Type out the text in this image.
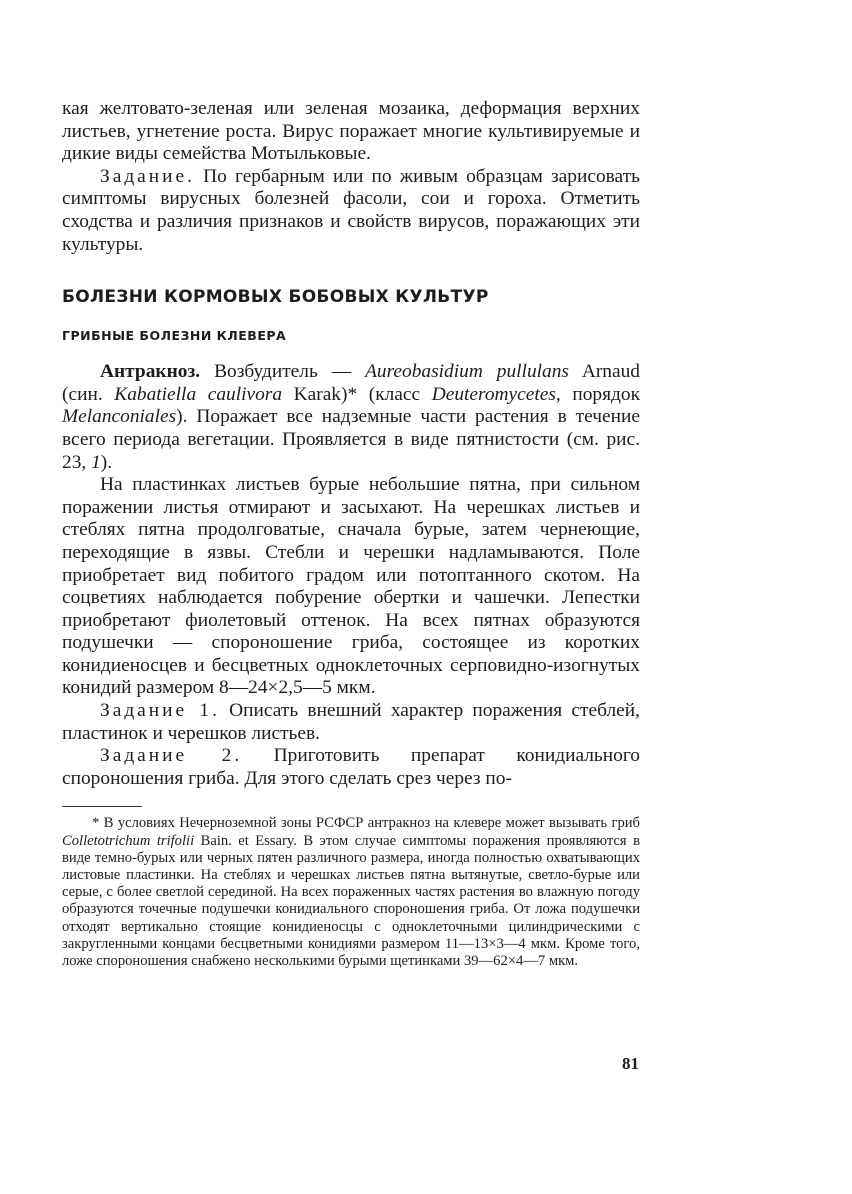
кая желтовато-зеленая или зеленая мозаика, деформация верхних листьев, угнетение роста. Вирус поражает многие культивируемые и дикие виды семейства Мотыльковые.

Задание. По гербарным или по живым образцам зарисовать симптомы вирусных болезней фасоли, сои и гороха. Отметить сходства и различия признаков и свойств вирусов, поражающих эти культуры.

БОЛЕЗНИ КОРМОВЫХ БОБОВЫХ КУЛЬТУР
ГРИБНЫЕ БОЛЕЗНИ КЛЕВЕРА

Антракноз. Возбудитель — Aureobasidium pullulans Arnaud (син. Kabatiella caulivora Karak)* (класс Deuteromycetes, порядок Melanconiales). Поражает все надземные части растения в течение всего периода вегетации. Проявляется в виде пятнистости (см. рис. 23, 1).

На пластинках листьев бурые небольшие пятна, при сильном поражении листья отмирают и засыхают. На черешках листьев и стеблях пятна продолговатые, сначала бурые, затем чернеющие, переходящие в язвы. Стебли и черешки надламываются. Поле приобретает вид побитого градом или потоптанного скотом. На соцветиях наблюдается побурение обертки и чашечки. Лепестки приобретают фиолетовый оттенок. На всех пятнах образуются подушечки — спороношение гриба, состоящее из коротких конидиеносцев и бесцветных одноклеточных серповидно-изогнутых конидий размером 8—24×2,5—5 мкм.

Задание 1. Описать внешний характер поражения стеблей, пластинок и черешков листьев.

Задание 2. Приготовить препарат конидиального спороношения гриба. Для этого сделать срез через по-

* В условиях Нечерноземной зоны РСФСР антракноз на клевере может вызывать гриб Colletotrichum trifolii Bain. et Essary. В этом случае симптомы поражения проявляются в виде темно-бурых или черных пятен различного размера, иногда полностью охватывающих листовые пластинки. На стеблях и черешках листьев пятна вытянутые, светло-бурые или серые, с более светлой серединой. На всех пораженных частях растения во влажную погоду образуются точечные подушечки конидиального спороношения гриба. От ложа подушечки отходят вертикально стоящие конидиеносцы с одноклеточными цилиндрическими с закругленными концами бесцветными конидиями размером 11—13×3—4 мкм. Кроме того, ложе спороношения снабжено несколькими бурыми щетинками 39—62×4—7 мкм.

81
